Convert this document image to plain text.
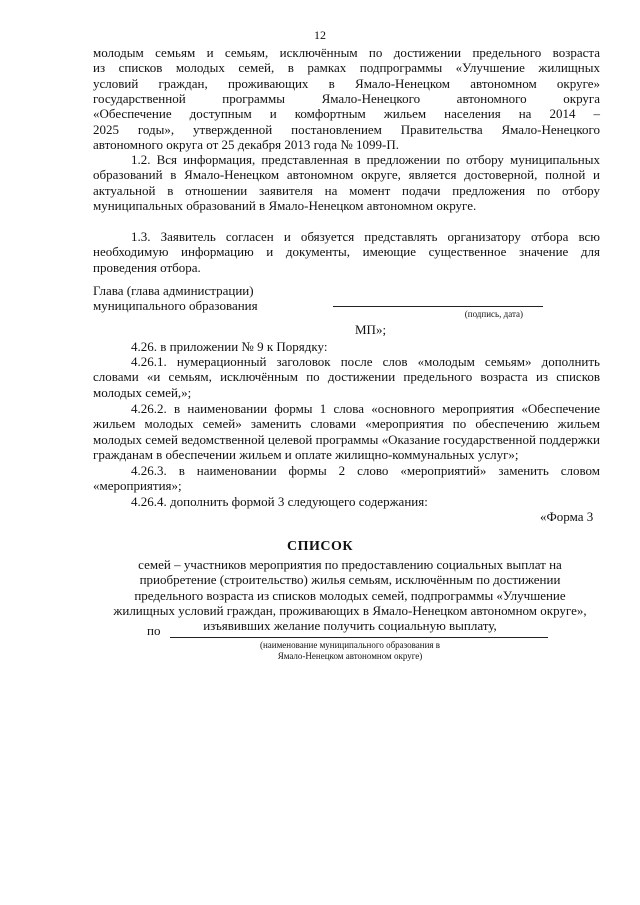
12

молодым семьям и семьям, исключённым по достижении предельного возраста

из списков молодых семей, в рамках подпрограммы «Улучшение жилищных

условий граждан, проживающих в Ямало-Ненецком автономном округе»

государственной программы Ямало-Ненецкого автономного округа

«Обеспечение доступным и комфортным жильем населения на 2014 –

2025 годы», утвержденной постановлением Правительства Ямало-Ненецкого

автономного округа от 25 декабря 2013 года № 1099-П.

1.2. Вся информация, представленная в предложении по отбору муниципальных образований в Ямало-Ненецком автономном округе, является достоверной, полной и актуальной в отношении заявителя на момент подачи предложения по отбору муниципальных образований в Ямало-Ненецком автономном округе.

1.3. Заявитель согласен и обязуется представлять организатору отбора всю необходимую информацию и документы, имеющие существенное значение для проведения отбора.

Глава (глава администрации)

муниципального образования

(подпись, дата)

МП»;

4.26. в приложении № 9 к Порядку:

4.26.1. нумерационный заголовок после слов «молодым семьям» дополнить словами «и семьям, исключённым по достижении предельного возраста из списков молодых семей,»;

4.26.2. в наименовании формы 1 слова «основного мероприятия «Обеспечение жильем молодых семей» заменить словами «мероприятия по обеспечению жильем молодых семей ведомственной целевой программы «Оказание государственной поддержки гражданам в обеспечении жильем и оплате жилищно-коммунальных услуг»;

4.26.3. в наименовании формы 2 слово «мероприятий» заменить словом «мероприятия»;

4.26.4. дополнить формой 3 следующего содержания:

«Форма 3

СПИСОК

семей – участников мероприятия по предоставлению социальных выплат на приобретение (строительство) жилья семьям, исключённым по достижении предельного возраста из списков молодых семей, подпрограммы «Улучшение жилищных условий граждан, проживающих в Ямало-Ненецком автономном округе», изъявивших желание получить социальную выплату,

по

(наименование муниципального образования в
Ямало-Ненецком автономном округе)
